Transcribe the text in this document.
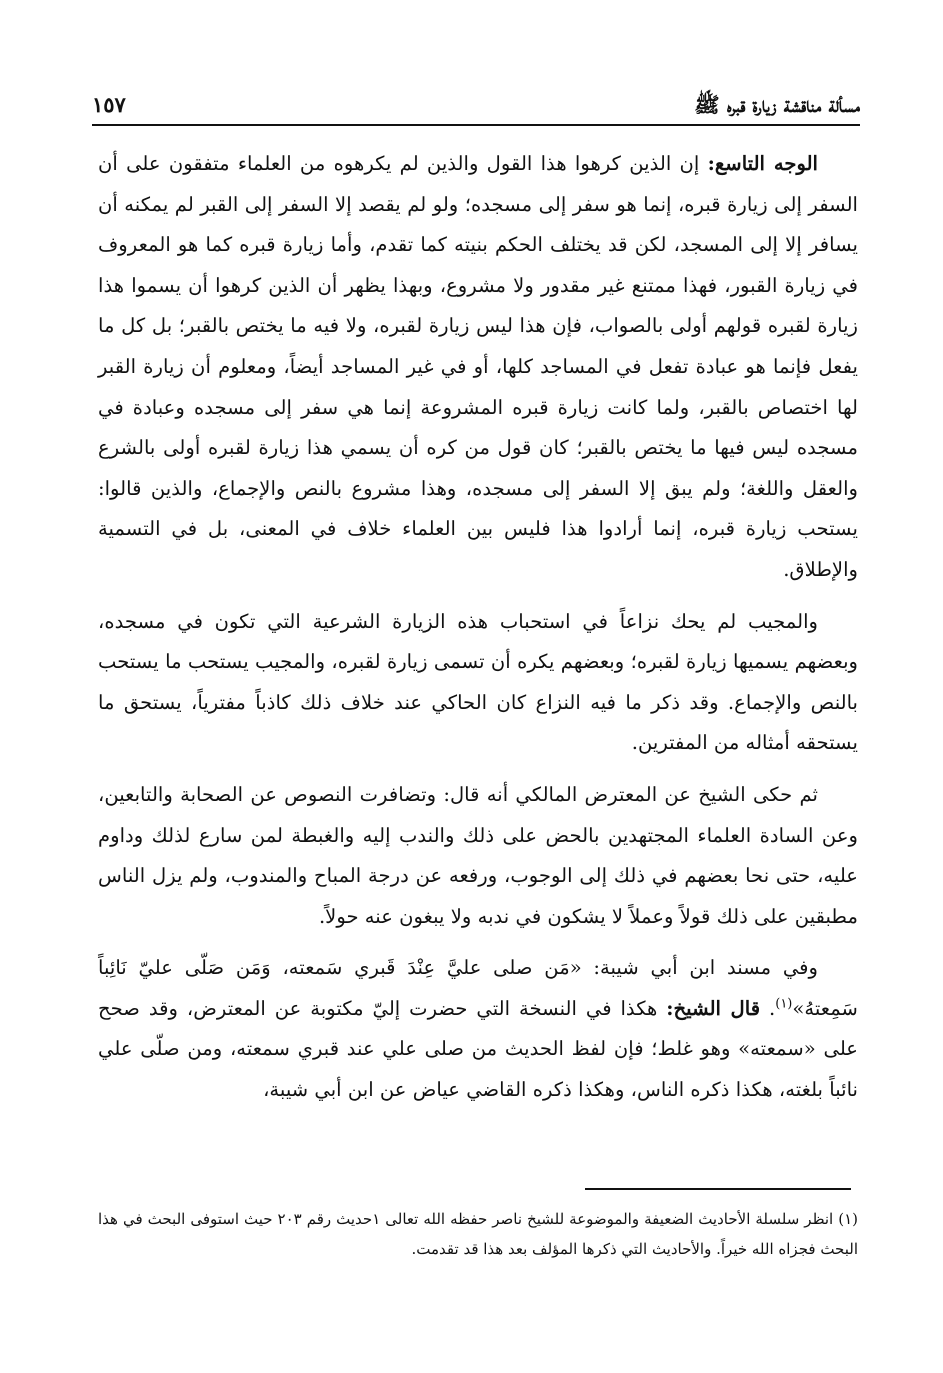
مسألة مناقشة زيارة قبره ﷺ
١٥٧

الوجه التاسع: إن الذين كرهوا هذا القول والذين لم يكرهوه من العلماء متفقون على أن السفر إلى زيارة قبره، إنما هو سفر إلى مسجده؛ ولو لم يقصد إلا السفر إلى القبر لم يمكنه أن يسافر إلا إلى المسجد، لكن قد يختلف الحكم بنيته كما تقدم، وأما زيارة قبره كما هو المعروف في زيارة القبور، فهذا ممتنع غير مقدور ولا مشروع، وبهذا يظهر أن الذين كرهوا أن يسموا هذا زيارة لقبره قولهم أولى بالصواب، فإن هذا ليس زيارة لقبره، ولا فيه ما يختص بالقبر؛ بل كل ما يفعل فإنما هو عبادة تفعل في المساجد كلها، أو في غير المساجد أيضاً، ومعلوم أن زيارة القبر لها اختصاص بالقبر، ولما كانت زيارة قبره المشروعة إنما هي سفر إلى مسجده وعبادة في مسجده ليس فيها ما يختص بالقبر؛ كان قول من كره أن يسمي هذا زيارة لقبره أولى بالشرع والعقل واللغة؛ ولم يبق إلا السفر إلى مسجده، وهذا مشروع بالنص والإجماع، والذين قالوا: يستحب زيارة قبره، إنما أرادوا هذا فليس بين العلماء خلاف في المعنى، بل في التسمية والإطلاق.

والمجيب لم يحك نزاعاً في استحباب هذه الزيارة الشرعية التي تكون في مسجده، وبعضهم يسميها زيارة لقبره؛ وبعضهم يكره أن تسمى زيارة لقبره، والمجيب يستحب ما يستحب بالنص والإجماع. وقد ذكر ما فيه النزاع كان الحاكي عند خلاف ذلك كاذباً مفترياً، يستحق ما يستحقه أمثاله من المفترين.

ثم حكى الشيخ عن المعترض المالكي أنه قال: وتضافرت النصوص عن الصحابة والتابعين، وعن السادة العلماء المجتهدين بالحض على ذلك والندب إليه والغبطة لمن سارع لذلك وداوم عليه، حتى نحا بعضهم في ذلك إلى الوجوب، ورفعه عن درجة المباح والمندوب، ولم يزل الناس مطبقين على ذلك قولاً وعملاً لا يشكون في ندبه ولا يبغون عنه حولاً.

وفي مسند ابن أبي شيبة: «مَن صلى عليَّ عِنْدَ قَبري سَمعته، وَمَن صَلّى عليّ نَائِباً سَمِعتهُ»$^{(١)}$. قال الشيخ: هكذا في النسخة التي حضرت إليّ مكتوبة عن المعترض، وقد صحح على «سمعته» وهو غلط؛ فإن لفظ الحديث من صلى علي عند قبري سمعته، ومن صلّى علي نائباً بلغته، هكذا ذكره الناس، وهكذا ذكره القاضي عياض عن ابن أبي شيبة،

(١) انظر سلسلة الأحاديث الضعيفة والموضوعة للشيخ ناصر حفظه الله تعالى ١حديث رقم ٢٠٣ حيث استوفى البحث في هذا البحث فجزاه الله خيراً. والأحاديث التي ذكرها المؤلف بعد هذا قد تقدمت.
